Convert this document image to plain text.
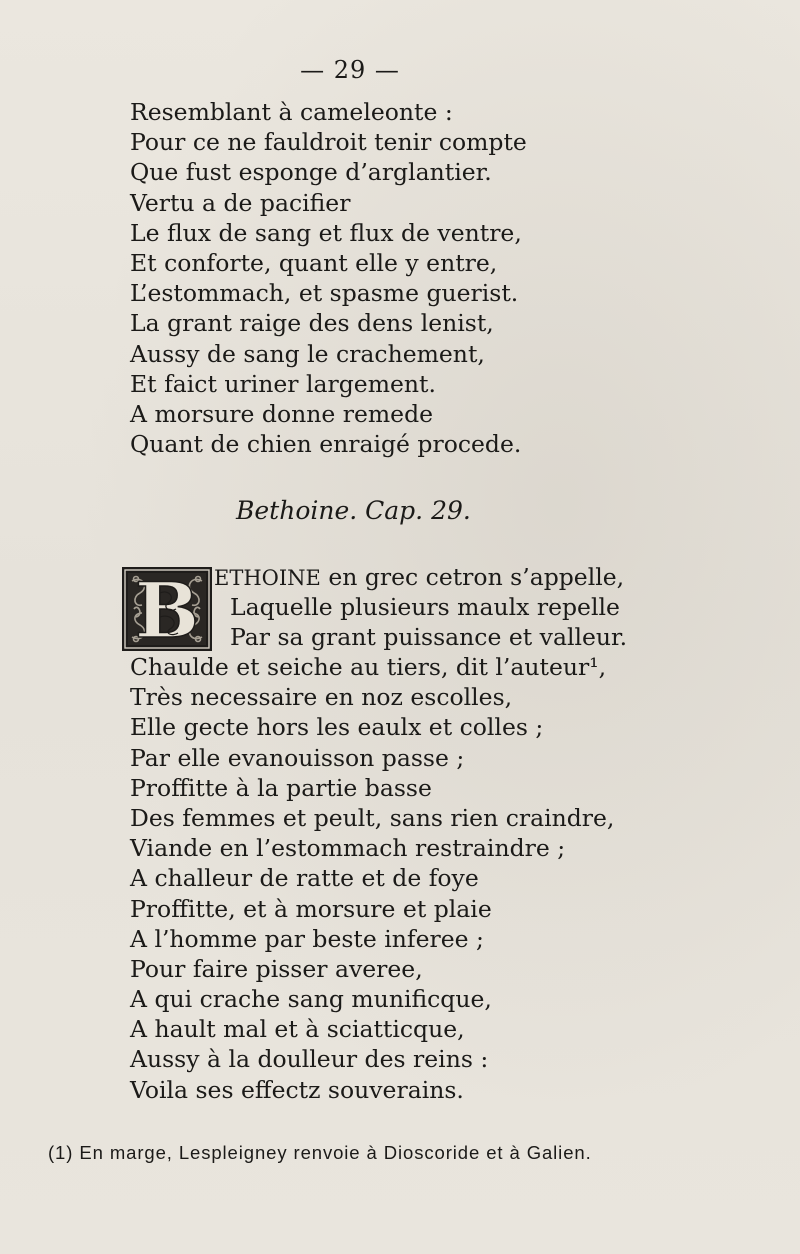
— 29 —
Resemblant à cameleonte :
Pour ce ne fauldroit tenir compte
Que fust esponge d’arglantier.
Vertu a de pacifier
Le flux de sang et flux de ventre,
Et conforte, quant elle y entre,
L’estommach, et spasme guerist.
La grant raige des dens lenist,
Aussy de sang le crachement,
Et faict uriner largement.
A morsure donne remede
Quant de chien enraigé procede.
Bethoine. Cap. 29.
B ETHOINE en grec cetron s’appelle,
Laquelle plusieurs maulx repelle
Par sa grant puissance et valleur.
Chaulde et seiche au tiers, dit l’auteur¹,
Très necessaire en noz escolles,
Elle gecte hors les eaulx et colles ;
Par elle evanouisson passe ;
Proffitte à la partie basse
Des femmes et peult, sans rien craindre,
Viande en l’estommach restraindre ;
A challeur de ratte et de foye
Proffitte, et à morsure et plaie
A l’homme par beste inferee ;
Pour faire pisser averee,
A qui crache sang munificque,
A hault mal et à sciatticque,
Aussy à la doulleur des reins :
Voila ses effectz souverains.
(1) En marge, Lespleigney renvoie à Dioscoride et à Galien.
